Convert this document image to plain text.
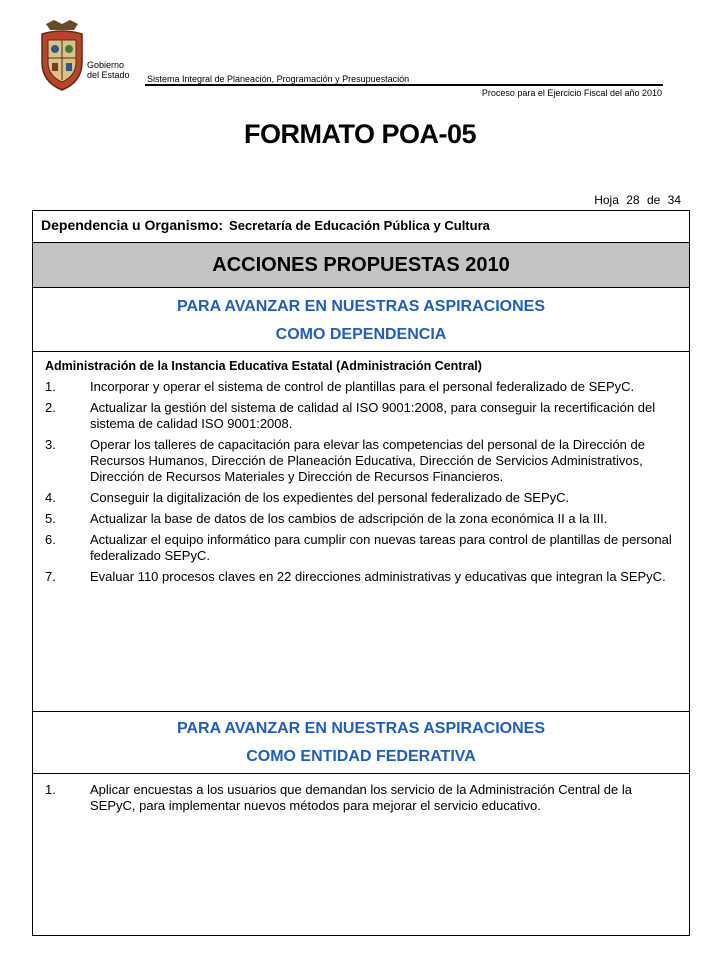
Gobierno
del Estado Sistema Integral de Planeación, Programación y Presupuestación
Proceso para el Ejercicio Fiscal del año 2010
FORMATO POA-05
Hoja 28 de 34
Dependencia u Organismo: Secretaría de Educación Pública y Cultura
ACCIONES PROPUESTAS 2010
PARA AVANZAR EN NUESTRAS ASPIRACIONES
COMO DEPENDENCIA
Administración de la Instancia Educativa Estatal (Administración Central)
1.	Incorporar y operar el sistema de control de plantillas para el personal federalizado de SEPyC.
2.	Actualizar la gestión del sistema de calidad al ISO 9001:2008, para conseguir la recertificación del sistema de calidad ISO 9001:2008.
3.	Operar los talleres de capacitación para elevar las competencias del personal de la Dirección de Recursos Humanos, Dirección de Planeación Educativa, Dirección de Servicios Administrativos, Dirección de Recursos Materiales y Dirección de Recursos Financieros.
4.	Conseguir la digitalización de los expedientes del personal federalizado de SEPyC.
5.	Actualizar la base de datos de los cambios de adscripción de la zona económica II a la III.
6.	Actualizar el equipo informático para cumplir con nuevas tareas para control de plantillas de personal federalizado SEPyC.
7.	Evaluar 110 procesos claves en 22 direcciones administrativas y educativas que integran la SEPyC.
PARA AVANZAR EN NUESTRAS ASPIRACIONES
COMO ENTIDAD FEDERATIVA
1.	Aplicar encuestas a los usuarios que demandan los servicio de la Administración Central de la SEPyC, para implementar nuevos métodos para mejorar el servicio educativo.
